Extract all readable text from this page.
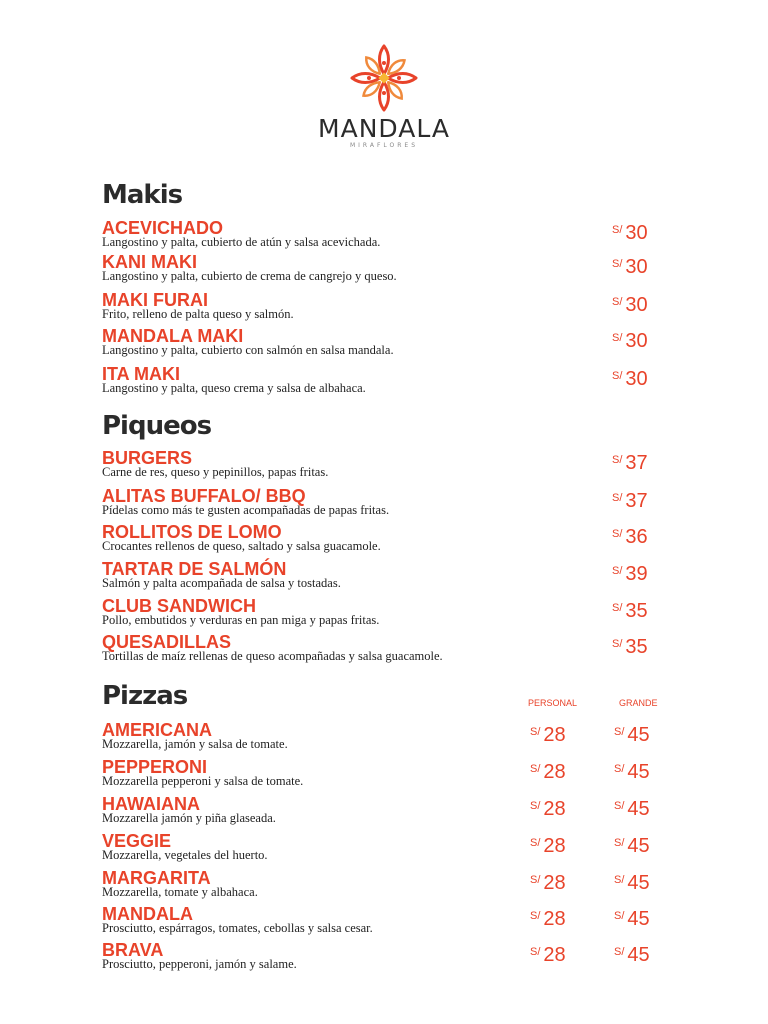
MANDALA
MIRAFLORES
Makis
ACEVICHADO
Langostino y palta, cubierto de atún y salsa acevichada.
$^{S/}$ 30
KANI MAKI
Langostino y palta, cubierto de crema de cangrejo y queso.
$^{S/}$ 30
MAKI FURAI
Frito, relleno de palta queso y salmón.
$^{S/}$ 30
MANDALA MAKI
Langostino y palta, cubierto con salmón en salsa mandala.
$^{S/}$ 30
ITA MAKI
Langostino y palta, queso crema y salsa de albahaca.
$^{S/}$ 30
Piqueos
BURGERS
Carne de res, queso y pepinillos, papas fritas.
$^{S/}$ 37
ALITAS BUFFALO/ BBQ
Pídelas como más te gusten acompañadas de papas fritas.
$^{S/}$ 37
ROLLITOS DE LOMO
Crocantes rellenos de queso, saltado y salsa guacamole.
$^{S/}$ 36
TARTAR DE SALMÓN
Salmón y palta acompañada de salsa y tostadas.
$^{S/}$ 39
CLUB SANDWICH
Pollo, embutidos y verduras en pan miga y papas fritas.
$^{S/}$ 35
QUESADILLAS
Tortillas de maíz rellenas de queso acompañadas y salsa guacamole.
$^{S/}$ 35
Pizzas	PERSONAL	GRANDE
AMERICANA
Mozzarella, jamón y salsa de tomate.
$^{S/}$ 28	$^{S/}$ 45
PEPPERONI
Mozzarella pepperoni y salsa de tomate.
$^{S/}$ 28	$^{S/}$ 45
HAWAIANA
Mozzarella jamón y piña glaseada.
$^{S/}$ 28	$^{S/}$ 45
VEGGIE
Mozzarella, vegetales del huerto.
$^{S/}$ 28	$^{S/}$ 45
MARGARITA
Mozzarella, tomate y albahaca.
$^{S/}$ 28	$^{S/}$ 45
MANDALA
Prosciutto, espárragos, tomates, cebollas y salsa cesar.
$^{S/}$ 28	$^{S/}$ 45
BRAVA
Prosciutto, pepperoni, jamón y salame.
$^{S/}$ 28	$^{S/}$ 45
